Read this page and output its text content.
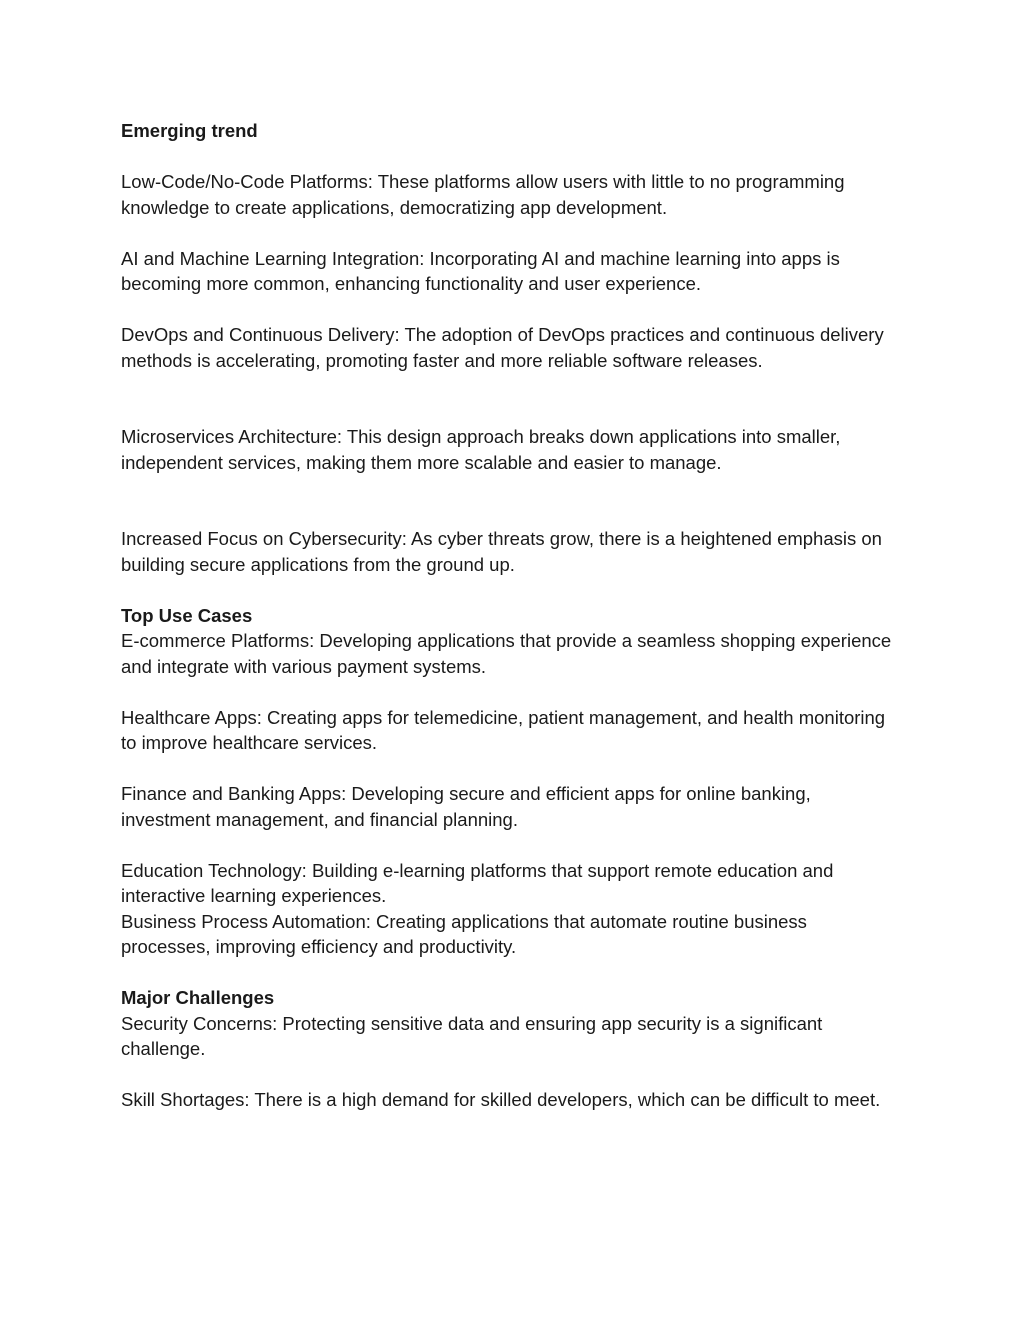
Emerging trend

Low-Code/No-Code Platforms: These platforms allow users with little to no programming knowledge to create applications, democratizing app development.

AI and Machine Learning Integration: Incorporating AI and machine learning into apps is becoming more common, enhancing functionality and user experience.

DevOps and Continuous Delivery: The adoption of DevOps practices and continuous delivery methods is accelerating, promoting faster and more reliable software releases.

Microservices Architecture: This design approach breaks down applications into smaller, independent services, making them more scalable and easier to manage.

Increased Focus on Cybersecurity: As cyber threats grow, there is a heightened emphasis on building secure applications from the ground up.

Top Use Cases

E-commerce Platforms: Developing applications that provide a seamless shopping experience and integrate with various payment systems.

Healthcare Apps: Creating apps for telemedicine, patient management, and health monitoring to improve healthcare services.

Finance and Banking Apps: Developing secure and efficient apps for online banking, investment management, and financial planning.

Education Technology: Building e-learning platforms that support remote education and interactive learning experiences.

Business Process Automation: Creating applications that automate routine business processes, improving efficiency and productivity.

Major Challenges

Security Concerns: Protecting sensitive data and ensuring app security is a significant challenge.

Skill Shortages: There is a high demand for skilled developers, which can be difficult to meet.
